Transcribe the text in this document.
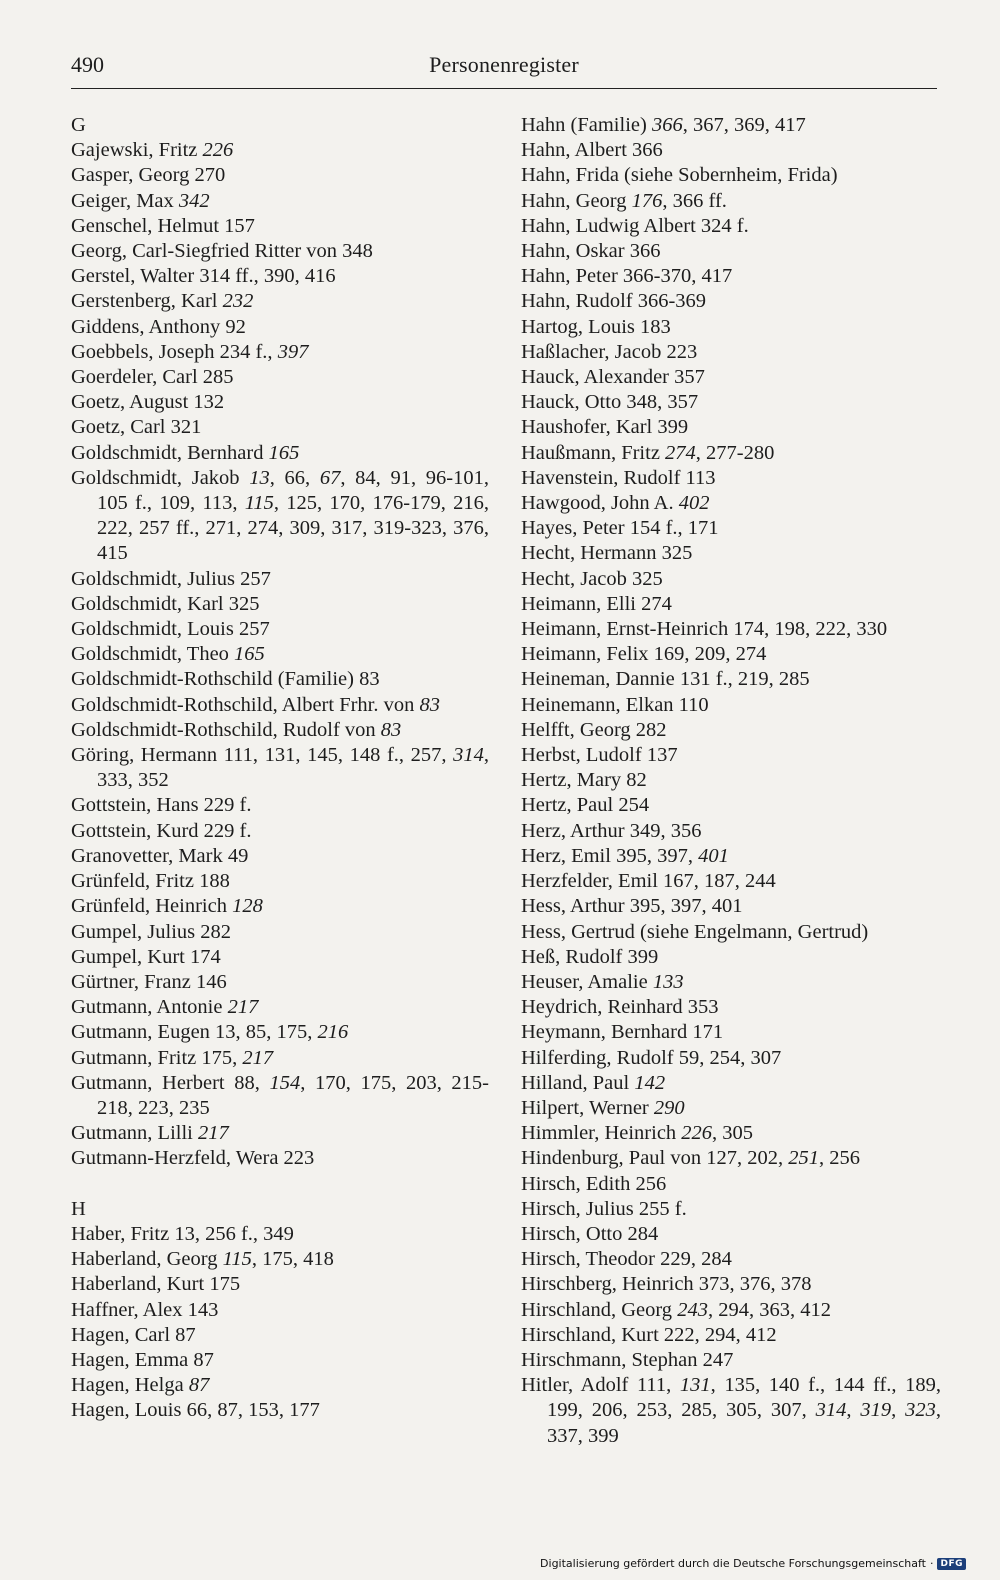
490	Personenregister
G
Gajewski, Fritz 226
Gasper, Georg 270
Geiger, Max 342
Genschel, Helmut 157
Georg, Carl-Siegfried Ritter von 348
Gerstel, Walter 314 ff., 390, 416
Gerstenberg, Karl 232
Giddens, Anthony 92
Goebbels, Joseph 234 f., 397
Goerdeler, Carl 285
Goetz, August 132
Goetz, Carl 321
Goldschmidt, Bernhard 165
Goldschmidt, Jakob 13, 66, 67, 84, 91, 96-101, 105 f., 109, 113, 115, 125, 170, 176-179, 216, 222, 257 ff., 271, 274, 309, 317, 319-323, 376, 415
Goldschmidt, Julius 257
Goldschmidt, Karl 325
Goldschmidt, Louis 257
Goldschmidt, Theo 165
Goldschmidt-Rothschild (Familie) 83
Goldschmidt-Rothschild, Albert Frhr. von 83
Goldschmidt-Rothschild, Rudolf von 83
Göring, Hermann 111, 131, 145, 148 f., 257, 314, 333, 352
Gottstein, Hans 229 f.
Gottstein, Kurd 229 f.
Granovetter, Mark 49
Grünfeld, Fritz 188
Grünfeld, Heinrich 128
Gumpel, Julius 282
Gumpel, Kurt 174
Gürtner, Franz 146
Gutmann, Antonie 217
Gutmann, Eugen 13, 85, 175, 216
Gutmann, Fritz 175, 217
Gutmann, Herbert 88, 154, 170, 175, 203, 215-218, 223, 235
Gutmann, Lilli 217
Gutmann-Herzfeld, Wera 223
H
Haber, Fritz 13, 256 f., 349
Haberland, Georg 115, 175, 418
Haberland, Kurt 175
Haffner, Alex 143
Hagen, Carl 87
Hagen, Emma 87
Hagen, Helga 87
Hagen, Louis 66, 87, 153, 177
Hahn (Familie) 366, 367, 369, 417
Hahn, Albert 366
Hahn, Frida (siehe Sobernheim, Frida)
Hahn, Georg 176, 366 ff.
Hahn, Ludwig Albert 324 f.
Hahn, Oskar 366
Hahn, Peter 366-370, 417
Hahn, Rudolf 366-369
Hartog, Louis 183
Haßlacher, Jacob 223
Hauck, Alexander 357
Hauck, Otto 348, 357
Haushofer, Karl 399
Haußmann, Fritz 274, 277-280
Havenstein, Rudolf 113
Hawgood, John A. 402
Hayes, Peter 154 f., 171
Hecht, Hermann 325
Hecht, Jacob 325
Heimann, Elli 274
Heimann, Ernst-Heinrich 174, 198, 222, 330
Heimann, Felix 169, 209, 274
Heineman, Dannie 131 f., 219, 285
Heinemann, Elkan 110
Helfft, Georg 282
Herbst, Ludolf 137
Hertz, Mary 82
Hertz, Paul 254
Herz, Arthur 349, 356
Herz, Emil 395, 397, 401
Herzfelder, Emil 167, 187, 244
Hess, Arthur 395, 397, 401
Hess, Gertrud (siehe Engelmann, Gertrud)
Heß, Rudolf 399
Heuser, Amalie 133
Heydrich, Reinhard 353
Heymann, Bernhard 171
Hilferding, Rudolf 59, 254, 307
Hilland, Paul 142
Hilpert, Werner 290
Himmler, Heinrich 226, 305
Hindenburg, Paul von 127, 202, 251, 256
Hirsch, Edith 256
Hirsch, Julius 255 f.
Hirsch, Otto 284
Hirsch, Theodor 229, 284
Hirschberg, Heinrich 373, 376, 378
Hirschland, Georg 243, 294, 363, 412
Hirschland, Kurt 222, 294, 412
Hirschmann, Stephan 247
Hitler, Adolf 111, 131, 135, 140 f., 144 ff., 189, 199, 206, 253, 285, 305, 307, 314, 319, 323, 337, 399
Digitalisierung gefördert durch die Deutsche Forschungsgemeinschaft · DFG
